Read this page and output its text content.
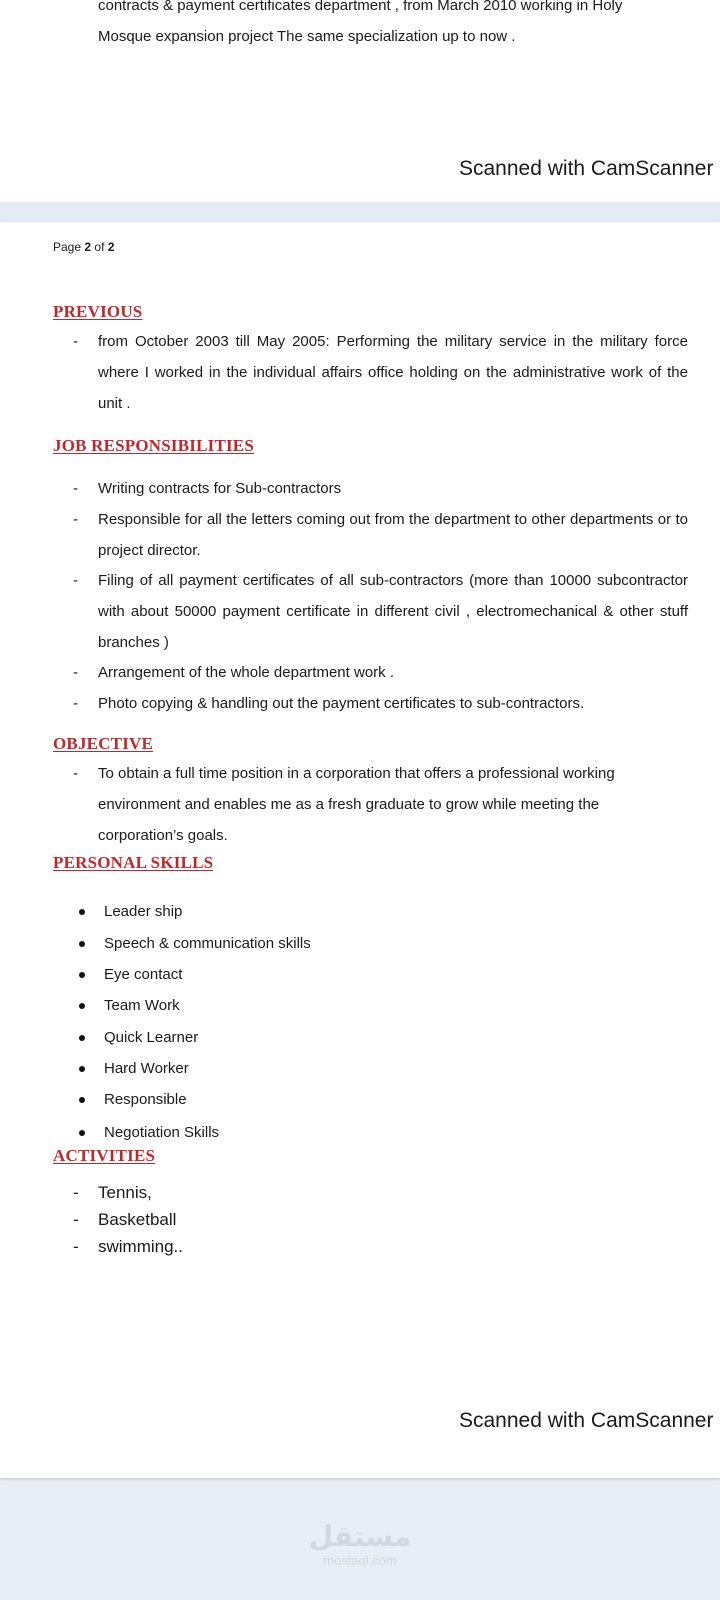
contracts & payment certificates department , from March 2010 working in Holy
Mosque expansion project The same specialization up to now .
Scanned with CamScanner
Page 2 of 2
PREVIOUS
- from October 2003 till May 2005: Performing the military service in the military force where I worked in the individual affairs office holding on the administrative work of the unit .
JOB RESPONSIBILITIES
- Writing contracts for Sub-contractors
- Responsible for all the letters coming out from the department to other departments or to project director.
- Filing of all payment certificates of all sub-contractors (more than 10000 subcontractor with about 50000 payment certificate in different civil , electromechanical & other stuff branches )
- Arrangement of the whole department work .
- Photo copying & handling out the payment certificates to sub-contractors.
OBJECTIVE
- To obtain a full time position in a corporation that offers a professional working environment and enables me as a fresh graduate to grow while meeting the corporation’s goals.
PERSONAL SKILLS
Leader ship
Speech & communication skills
Eye contact
Team Work
Quick Learner
Hard Worker
Responsible
Negotiation Skills
ACTIVITIES
- Tennis,
- Basketball
- swimming..
Scanned with CamScanner
مستقل
mostaql.com
